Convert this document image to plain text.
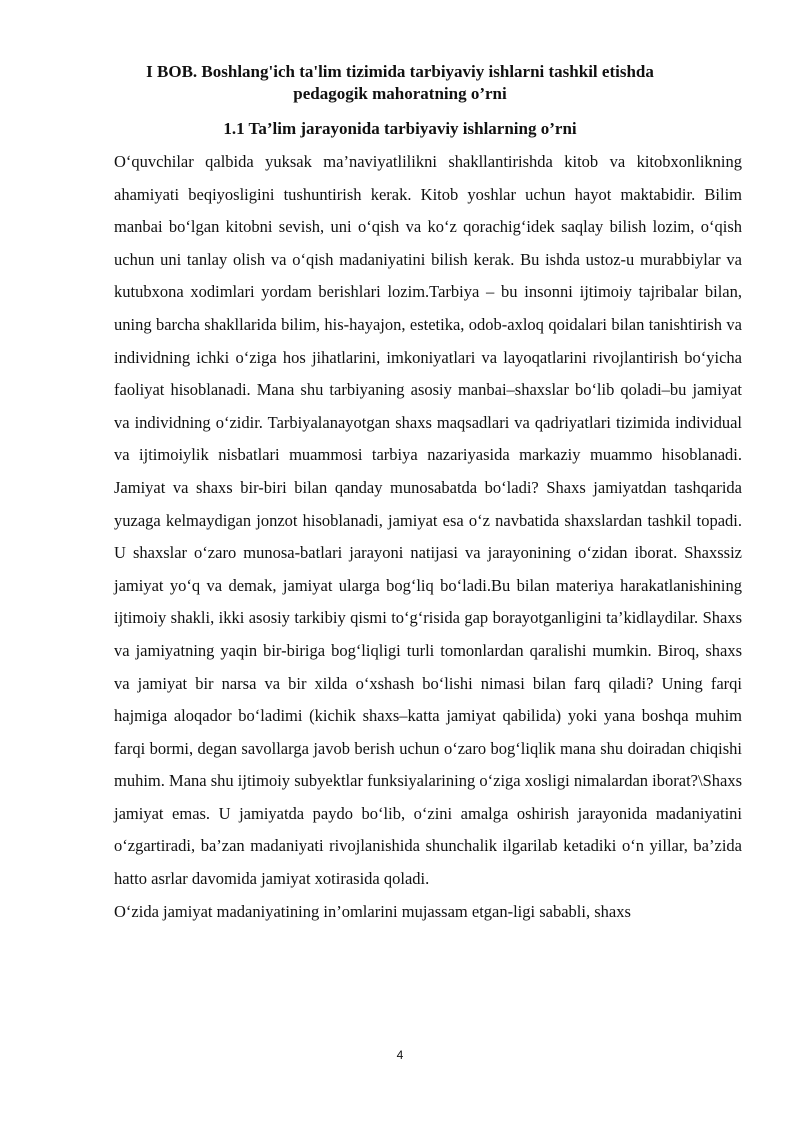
I BOB. Boshlang'ich ta'lim tizimida tarbiyaviy ishlarni tashkil etishda pedagogik mahoratning o’rni
1.1 Ta’lim jarayonida tarbiyaviy ishlarning o’rni

O‘quvchilar qalbida yuksak ma’naviyatlilikni shakllantirishda kitob va kitobxonlikning ahamiyati beqiyosligini tushuntirish kerak. Kitob yoshlar uchun hayot maktabidir. Bilim manbai bo‘lgan kitobni sevish, uni o‘qish va ko‘z qorachig‘idek saqlay bilish lozim, o‘qish uchun uni tanlay olish va o‘qish madaniyatini bilish kerak. Bu ishda ustoz-u murabbiylar va kutubxona xodimlari yordam berishlari lozim.Tarbiya – bu insonni ijtimoiy tajribalar bilan, uning barcha shakllarida bilim, his-hayajon, estetika, odob-axloq qoidalari bilan tanishtirish va individning ichki o‘ziga hos jihatlarini, imkoniyatlari va layoqatlarini rivojlantirish bo‘yicha faoliyat hisoblanadi. Mana shu tarbiyaning asosiy manbai–shaxslar bo‘lib qoladi–bu jamiyat va individning o‘zidir. Tarbiyalanayotgan shaxs maqsadlari va qadriyatlari tizimida individual va ijtimoiylik nisbatlari muammosi tarbiya nazariyasida markaziy muammo hisoblanadi. Jamiyat va shaxs bir-biri bilan qanday munosabatda bo‘ladi? Shaxs jamiyatdan tashqarida yuzaga kelmaydigan jonzot hisoblanadi, jamiyat esa o‘z navbatida shaxslardan tashkil topadi. U shaxslar o‘zaro munosa-batlari jarayoni natijasi va jarayonining o‘zidan iborat. Shaxssiz jamiyat yo‘q va demak, jamiyat ularga bog‘liq bo‘ladi.Bu bilan materiya harakatlanishining ijtimoiy shakli, ikki asosiy tarkibiy qismi to‘g‘risida gap borayotganligini ta’kidlaydilar. Shaxs va jamiyatning yaqin bir-biriga bog‘liqligi turli tomonlardan qaralishi mumkin. Biroq, shaxs va jamiyat bir narsa va bir xilda o‘xshash bo‘lishi nimasi bilan farq qiladi? Uning farqi hajmiga aloqador bo‘ladimi (kichik shaxs–katta jamiyat qabilida) yoki yana boshqa muhim farqi bormi, degan savollarga javob berish uchun o‘zaro bog‘liqlik mana shu doiradan chiqishi muhim. Mana shu ijtimoiy subyektlar funksiyalarining o‘ziga xosligi nimalardan iborat?\Shaxs jamiyat emas. U jamiyatda paydo bo‘lib, o‘zini amalga oshirish jarayonida madaniyatini o‘zgartiradi, ba’zan madaniyati rivojlanishida shunchalik ilgarilab ketadiki o‘n yillar, ba’zida hatto asrlar davomida jamiyat xotirasida qoladi.

O‘zida jamiyat madaniyatining in’omlarini mujassam etgan-ligi sababli, shaxs

4
